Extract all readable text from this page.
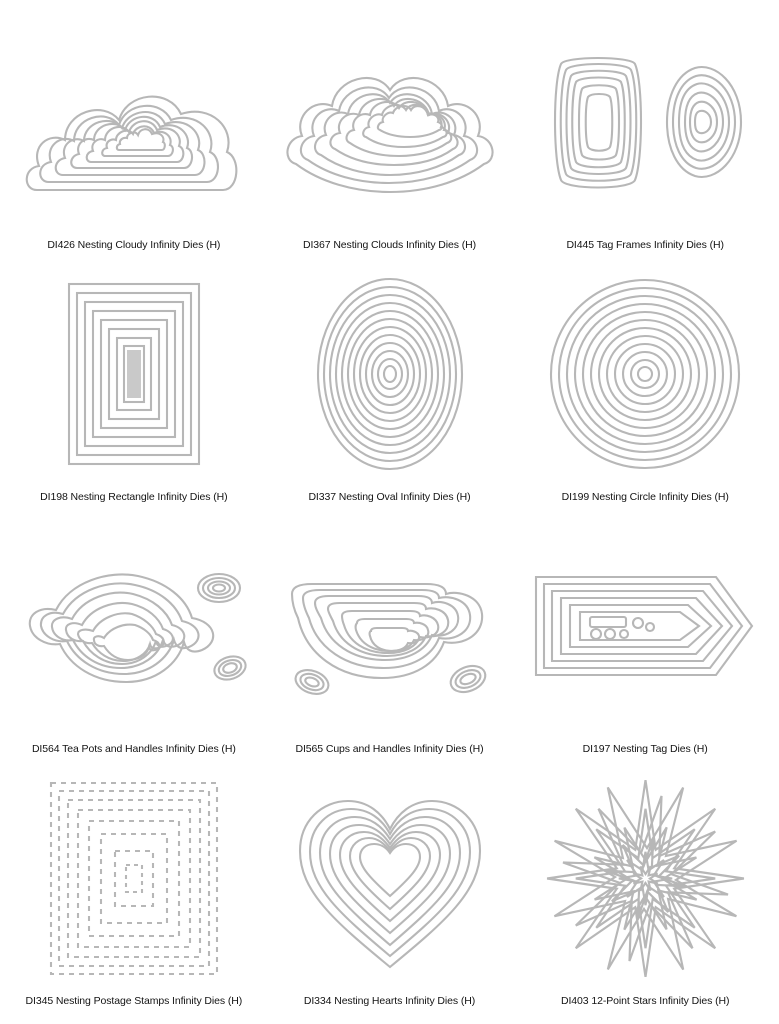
DI426 Nesting Cloudy Infinity Dies (H)	DI367 Nesting Clouds Infinity Dies (H)	DI445 Tag Frames Infinity Dies (H)
DI198 Nesting Rectangle Infinity Dies (H)	DI337 Nesting Oval Infinity Dies (H)	DI199 Nesting Circle Infinity Dies (H)
DI564 Tea Pots and Handles Infinity Dies (H)	DI565 Cups and Handles Infinity Dies (H)	DI197 Nesting Tag Dies (H)
DI345 Nesting Postage Stamps Infinity Dies (H)	DI334 Nesting Hearts Infinity Dies (H)	DI403 12-Point Stars Infinity Dies (H)
